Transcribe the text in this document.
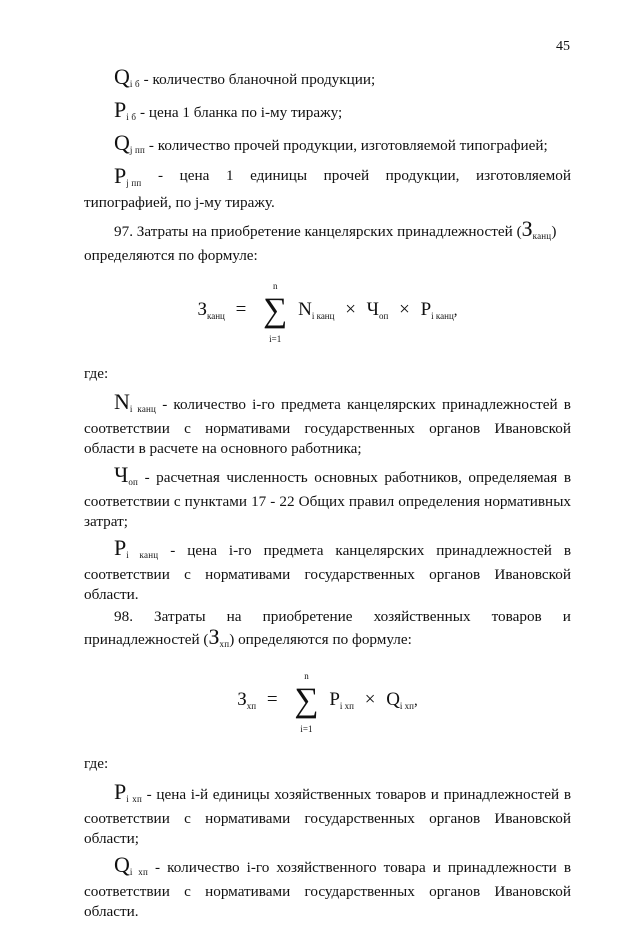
45

$Q_{i б}$ - количество бланочной продукции;

$P_{i б}$ - цена 1 бланка по i-му тиражу;

$Q_{j пп}$ - количество прочей продукции, изготовляемой типографией;

$P_{j пп}$ - цена 1 единицы прочей продукции, изготовляемой
типографией, по j-му тиражу.

97. Затраты на приобретение канцелярских принадлежностей $(З_{канц})$
определяются по формуле:

$З_{канц}$ =
n
∑
i=1
$N_{i канц} \times Ч_{оп} \times P_{i канц}$,

где:

$N_{i канц}$ - количество i-го предмета канцелярских принадлежностей в соответствии с нормативами государственных органов Ивановской области в расчете на основного работника;

$Ч_{оп}$ - расчетная численность основных работников, определяемая в соответствии с пунктами 17 - 22 Общих правил определения нормативных затрат;

$P_{i канц}$ - цена i-го предмета канцелярских принадлежностей в соответствии с нормативами государственных органов Ивановской области.

98. Затраты на приобретение хозяйственных товаров и
принадлежностей $(З_{хп})$ определяются по формуле:
$З_{хп}$ =
n
∑
i=1
$P_{i хп} \times Q_{i хп}$,

где:

$P_{i хп}$ - цена i-й единицы хозяйственных товаров и принадлежностей в соответствии с нормативами государственных органов Ивановской области;

$Q_{i хп}$ - количество i-го хозяйственного товара и принадлежности в соответствии с нормативами государственных органов Ивановской области.
